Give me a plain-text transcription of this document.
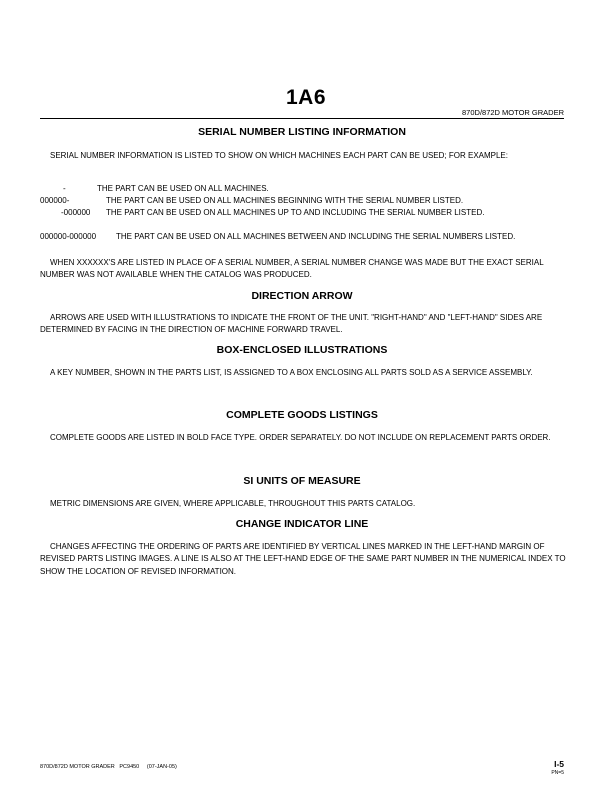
1A6
870D/872D MOTOR GRADER
SERIAL NUMBER LISTING INFORMATION
SERIAL NUMBER INFORMATION IS LISTED TO SHOW ON WHICH MACHINES EACH PART CAN BE USED; FOR EXAMPLE:
-	THE PART CAN BE USED ON ALL MACHINES.
000000-	THE PART CAN BE USED ON ALL MACHINES BEGINNING WITH THE SERIAL NUMBER LISTED.
-000000 THE PART CAN BE USED ON ALL MACHINES UP TO AND INCLUDING THE SERIAL NUMBER LISTED.
000000-000000 THE PART CAN BE USED ON ALL MACHINES BETWEEN AND INCLUDING THE SERIAL NUMBERS LISTED.
WHEN XXXXXX'S ARE LISTED IN PLACE OF A SERIAL NUMBER, A SERIAL NUMBER CHANGE WAS MADE BUT THE EXACT SERIAL NUMBER WAS NOT AVAILABLE WHEN THE CATALOG WAS PRODUCED.
DIRECTION ARROW
ARROWS ARE USED WITH ILLUSTRATIONS TO INDICATE THE FRONT OF THE UNIT. "RIGHT-HAND" AND "LEFT-HAND" SIDES ARE DETERMINED BY FACING IN THE DIRECTION OF MACHINE FORWARD TRAVEL.
BOX-ENCLOSED ILLUSTRATIONS
A KEY NUMBER, SHOWN IN THE PARTS LIST, IS ASSIGNED TO A BOX ENCLOSING ALL PARTS SOLD AS A SERVICE ASSEMBLY.
COMPLETE GOODS LISTINGS
COMPLETE GOODS ARE LISTED IN BOLD FACE TYPE. ORDER SEPARATELY. DO NOT INCLUDE ON REPLACEMENT PARTS ORDER.
SI UNITS OF MEASURE
METRIC DIMENSIONS ARE GIVEN, WHERE APPLICABLE, THROUGHOUT THIS PARTS CATALOG.
CHANGE INDICATOR LINE
CHANGES AFFECTING THE ORDERING OF PARTS ARE IDENTIFIED BY VERTICAL LINES MARKED IN THE LEFT-HAND MARGIN OF REVISED PARTS LISTING IMAGES. A LINE IS ALSO AT THE LEFT-HAND EDGE OF THE SAME PART NUMBER IN THE NUMERICAL INDEX TO SHOW THE LOCATION OF REVISED INFORMATION.
870D/872D MOTOR GRADER   PC9450     (07-JAN-05)	I-5
PN=5
